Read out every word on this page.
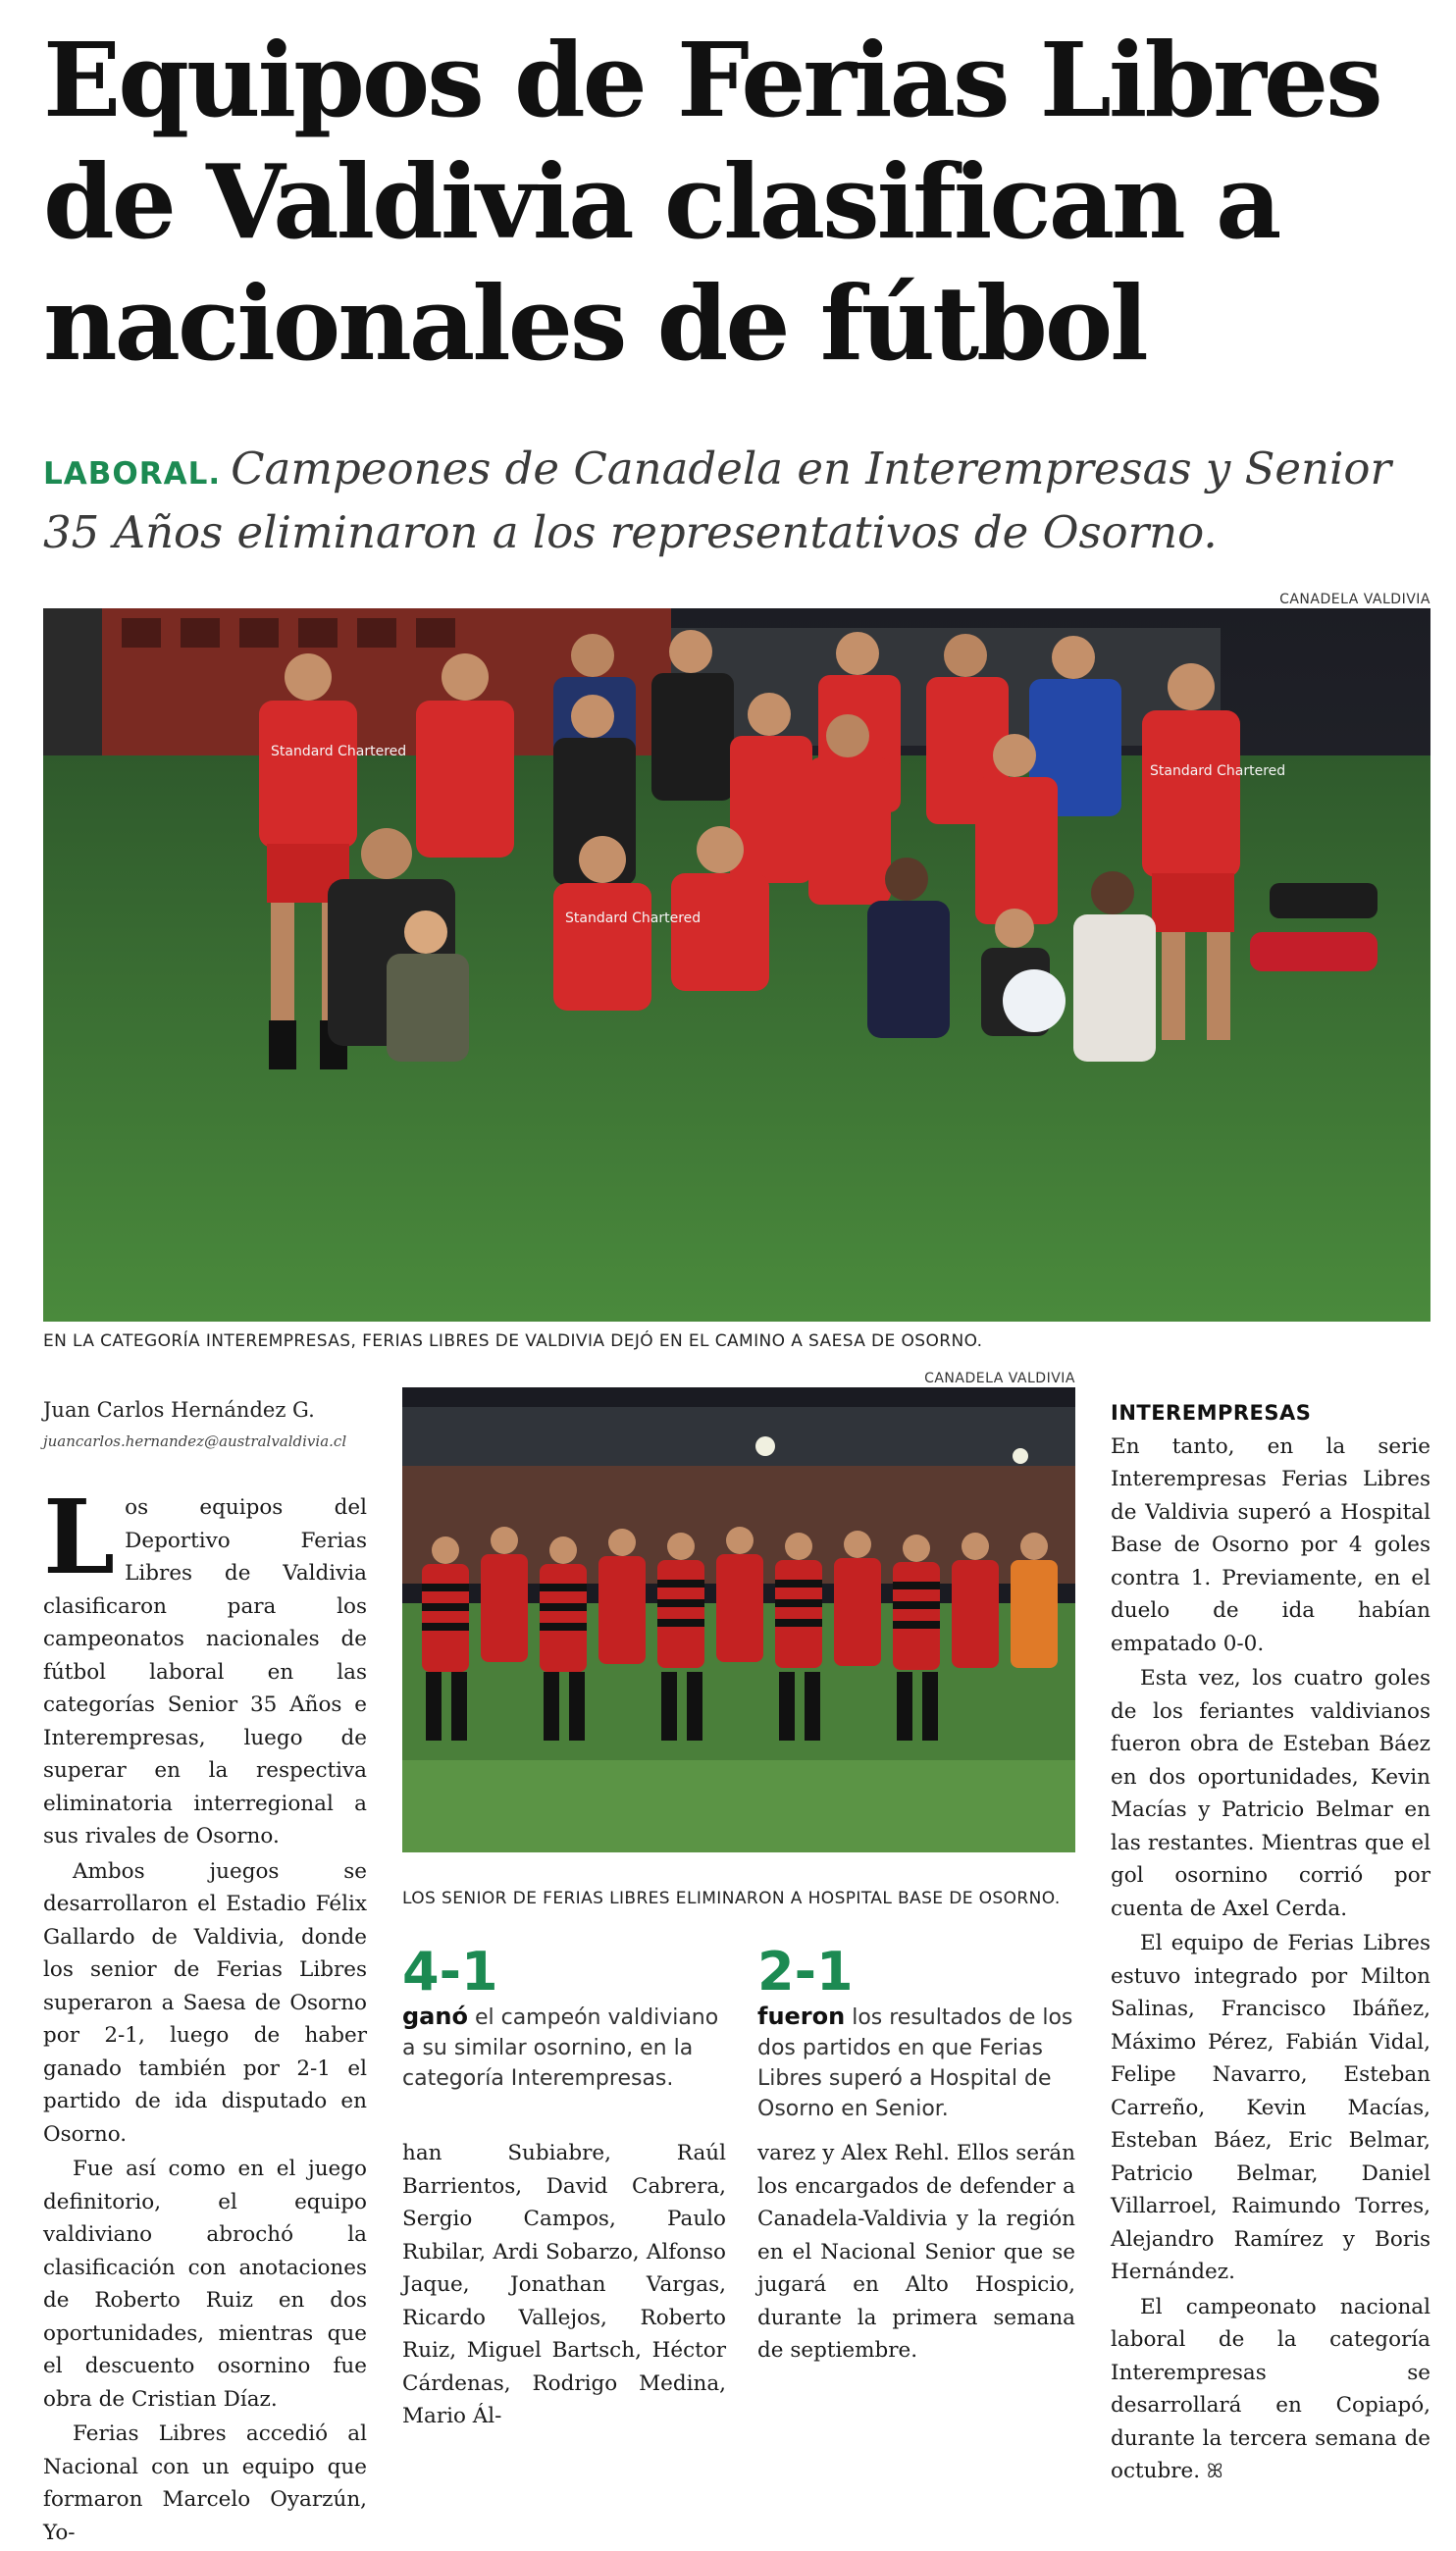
Equipos de Ferias Libres de Valdivia clasifican a nacionales de fútbol
LABORAL. Campeones de Canadela en Interempresas y Senior 35 Años eliminaron a los representativos de Osorno.
CANADELA VALDIVIA
Standard Chartered
Standard Chartered
Standard Chartered
EN LA CATEGORÍA INTEREMPRESAS, FERIAS LIBRES DE VALDIVIA DEJÓ EN EL CAMINO A SAESA DE OSORNO.
Juan Carlos Hernández G.
juancarlos.hernandez@australvaldivia.cl

Los equipos del Deportivo Ferias Libres de Valdivia clasificaron para los campeonatos nacionales de fútbol laboral en las categorías Senior 35 Años e Interempresas, luego de superar en la respectiva eliminatoria interregional a sus rivales de Osorno.

Ambos juegos se desarrollaron el Estadio Félix Gallardo de Valdivia, donde los senior de Ferias Libres superaron a Saesa de Osorno por 2-1, luego de haber ganado también por 2-1 el partido de ida disputado en Osorno.

Fue así como en el juego definitorio, el equipo valdiviano abrochó la clasificación con anotaciones de Roberto Ruiz en dos oportunidades, mientras que el descuento osornino fue obra de Cristian Díaz.

Ferias Libres accedió al Nacional con un equipo que formaron Marcelo Oyarzún, Yo-

CANADELA VALDIVIA
LOS SENIOR DE FERIAS LIBRES ELIMINARON A HOSPITAL BASE DE OSORNO.
4-1
ganó el campeón valdiviano a su similar osornino, en la categoría Interempresas.
2-1
fueron los resultados de los dos partidos en que Ferias Libres superó a Hospital de Osorno en Senior.

han Subiabre, Raúl Barrientos, David Cabrera, Sergio Campos, Paulo Rubilar, Ardi Sobarzo, Alfonso Jaque, Jonathan Vargas, Ricardo Vallejos, Roberto Ruiz, Miguel Bartsch, Héctor Cárdenas, Rodrigo Medina, Mario Ál-

varez y Alex Rehl. Ellos serán los encargados de defender a Canadela-Valdivia y la región en el Nacional Senior que se jugará en Alto Hospicio, durante la primera semana de septiembre.

INTEREMPRESAS

En tanto, en la serie Interempresas Ferias Libres de Valdivia superó a Hospital Base de Osorno por 4 goles contra 1. Previamente, en el duelo de ida habían empatado 0-0.

Esta vez, los cuatro goles de los feriantes valdivianos fueron obra de Esteban Báez en dos oportunidades, Kevin Macías y Patricio Belmar en las restantes. Mientras que el gol osornino corrió por cuenta de Axel Cerda.

El equipo de Ferias Libres estuvo integrado por Milton Salinas, Francisco Ibáñez, Máximo Pérez, Fabián Vidal, Felipe Navarro, Esteban Carreño, Kevin Macías, Esteban Báez, Eric Belmar, Patricio Belmar, Daniel Villarroel, Raimundo Torres, Alejandro Ramírez y Boris Hernández.

El campeonato nacional laboral de la categoría Interempresas se desarrollará en Copiapó, durante la tercera semana de octubre. ꕤ
